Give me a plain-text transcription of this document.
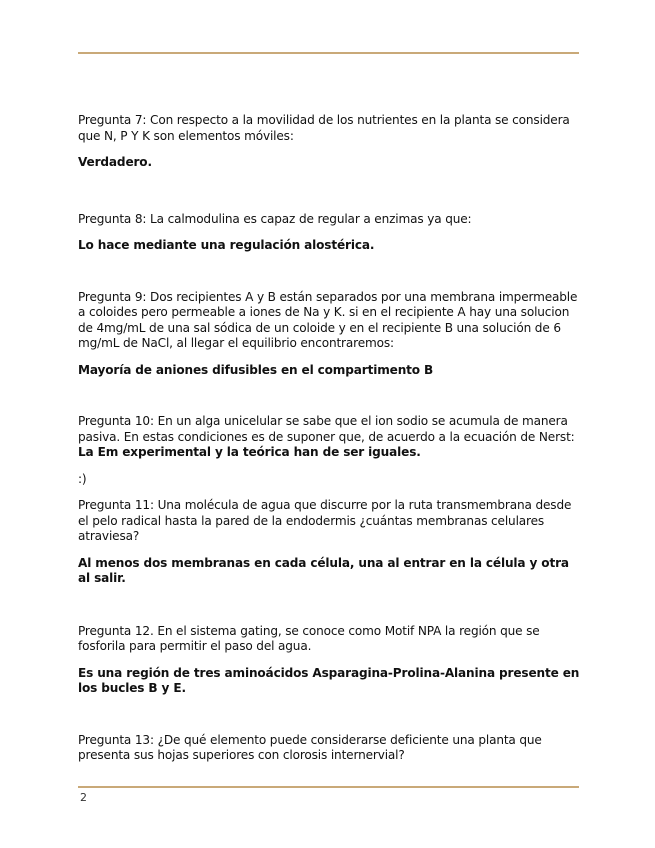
Pregunta 7: Con respecto a la movilidad de los nutrientes en la planta se considera que N, P Y K son elementos móviles:

Verdadero.

Pregunta 8: La calmodulina es capaz de regular a enzimas ya que:

Lo hace mediante una regulación alostérica.

Pregunta 9: Dos recipientes A y B están separados por una membrana impermeable a coloides pero permeable a iones de Na y K. si en el recipiente A hay una solucion de 4mg/mL de una sal sódica de un coloide y en el recipiente B una solución de 6 mg/mL de NaCl, al llegar el equilibrio encontraremos:

Mayoría de aniones difusibles en el compartimento B

Pregunta 10: En un alga unicelular se sabe que el ion sodio se acumula de manera pasiva. En estas condiciones es de suponer que, de acuerdo a la ecuación de Nerst:

La Em experimental y la teórica han de ser iguales.

:)

Pregunta 11: Una molécula de agua que discurre por la ruta transmembrana desde el pelo radical hasta la pared de la endodermis ¿cuántas membranas celulares atraviesa?

Al menos dos membranas en cada célula, una al entrar en la célula y otra al salir.

Pregunta 12. En el sistema gating, se conoce como Motif NPA la región que se fosforila para permitir el paso del agua.

Es una región de tres aminoácidos Asparagina-Prolina-Alanina presente en los bucles B y E.

Pregunta 13: ¿De qué elemento puede considerarse deficiente una planta que presenta sus hojas superiores con clorosis internervial?

2
